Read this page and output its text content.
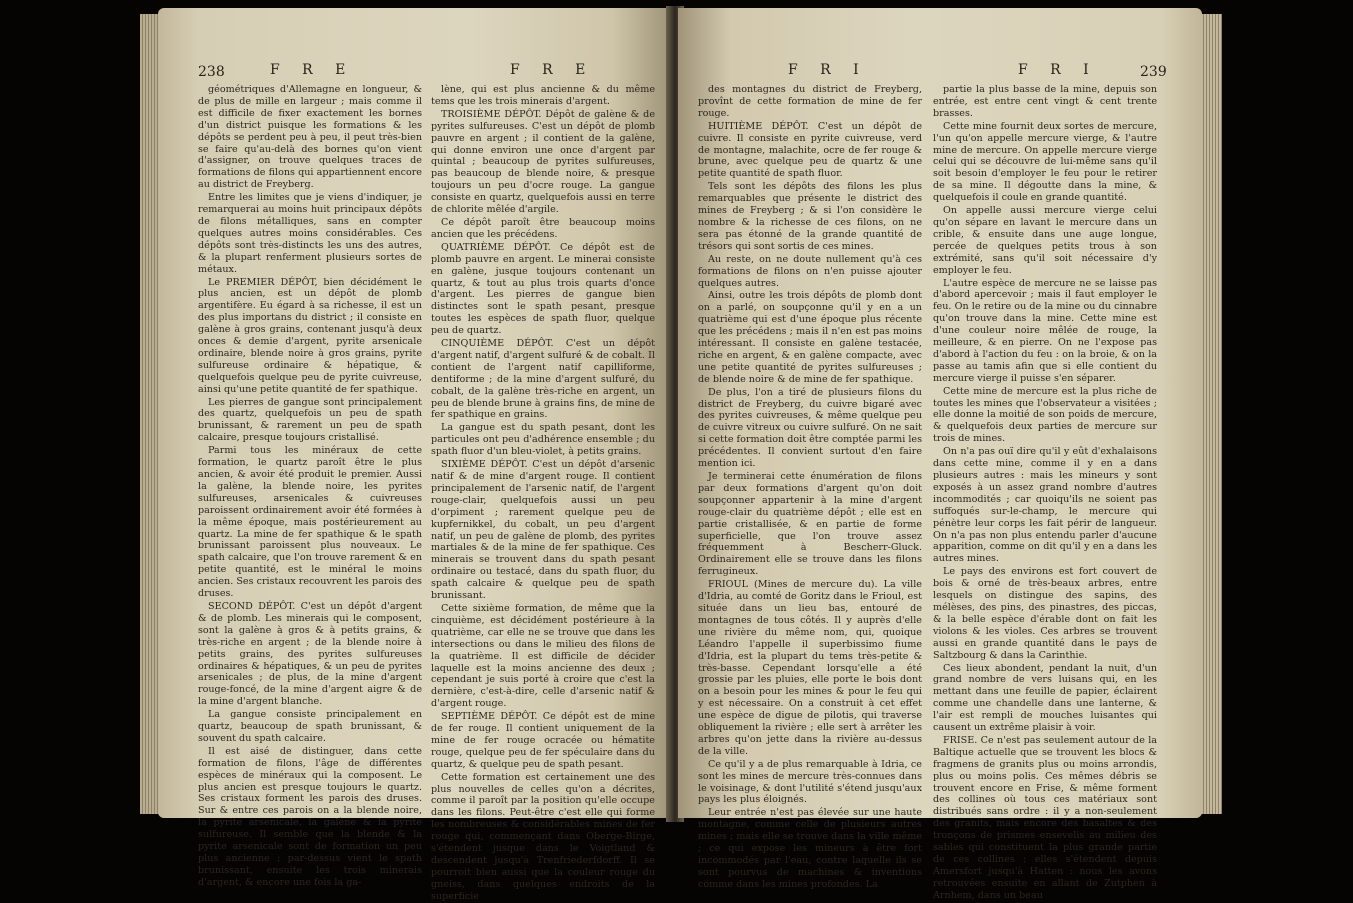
238	F R E	F R E

géométriques d'Allemagne en longueur, & de plus de mille en largeur ; mais comme il est difficile de fixer exactement les bornes d'un district puisque les formations & les dépôts se perdent peu à peu, il peut très-bien se faire qu'au-delà des bornes qu'on vient d'assigner, on trouve quelques traces de formations de filons qui appartiennent encore au district de Freyberg.

Entre les limites que je viens d'indiquer, je remarquerai au moins huit principaux dépôts de filons métalliques, sans en compter quelques autres moins considérables. Ces dépôts sont très-distincts les uns des autres, & la plupart renferment plusieurs sortes de métaux.

Le PREMIER DÉPÔT, bien décidément le plus ancien, est un dépôt de plomb argentifère. Eu égard à sa richesse, il est un des plus importans du district ; il consiste en galène à gros grains, contenant jusqu'à deux onces & demie d'argent, pyrite arsenicale ordinaire, blende noire à gros grains, pyrite sulfureuse ordinaire & hépatique, & quelquefois quelque peu de pyrite cuivreuse, ainsi qu'une petite quantité de fer spathique.

Les pierres de gangue sont principalement des quartz, quelquefois un peu de spath brunissant, & rarement un peu de spath calcaire, presque toujours cristallisé.

Parmi tous les minéraux de cette formation, le quartz paroît être le plus ancien, & avoir été produit le premier. Aussi la galène, la blende noire, les pyrites sulfureuses, arsenicales & cuivreuses paroissent ordinairement avoir été formées à la même époque, mais postérieurement au quartz. La mine de fer spathique & le spath brunissant paroissent plus nouveaux. Le spath calcaire, que l'on trouve rarement & en petite quantité, est le minéral le moins ancien. Ses cristaux recouvrent les parois des druses.

SECOND DÉPÔT. C'est un dépôt d'argent & de plomb. Les minerais qui le composent, sont la galène à gros & à petits grains, & très-riche en argent ; de la blende noire à petits grains, des pyrites sulfureuses ordinaires & hépatiques, & un peu de pyrites arsenicales ; de plus, de la mine d'argent rouge-foncé, de la mine d'argent aigre & de la mine d'argent blanche.

La gangue consiste principalement en quartz, beaucoup de spath brunissant, & souvent du spath calcaire.

Il est aisé de distinguer, dans cette formation de filons, l'âge de différentes espèces de minéraux qui la composent. Le plus ancien est presque toujours le quartz. Ses cristaux forment les parois des druses. Sur & entre ces parois on a la blende noire, la pyrite arsenicale, la galène & la pyrite sulfureuse. Il semble que la blende & la pyrite arsenicale sont de formation un peu plus ancienne ; par-dessus vient le spath brunissant, ensuite les trois minerais d'argent, & encore une fois la ga-

lène, qui est plus ancienne & du même tems que les trois minerais d'argent.

TROISIÈME DÉPÔT. Dépôt de galène & de pyrites sulfureuses. C'est un dépôt de plomb pauvre en argent ; il contient de la galène, qui donne environ une once d'argent par quintal ; beaucoup de pyrites sulfureuses, pas beaucoup de blende noire, & presque toujours un peu d'ocre rouge. La gangue consiste en quartz, quelquefois aussi en terre de chlorite mêlée d'argile.

Ce dépôt paroît être beaucoup moins ancien que les précédens.

QUATRIÈME DÉPÔT. Ce dépôt est de plomb pauvre en argent. Le minerai consiste en galène, jusque toujours contenant un quartz, & tout au plus trois quarts d'once d'argent. Les pierres de gangue bien distinctes sont le spath pesant, presque toutes les espèces de spath fluor, quelque peu de quartz.

CINQUIÈME DÉPÔT. C'est un dépôt d'argent natif, d'argent sulfuré & de cobalt. Il contient de l'argent natif capilliforme, dentiforme ; de la mine d'argent sulfuré, du cobalt, de la galène très-riche en argent, un peu de blende brune à grains fins, de mine de fer spathique en grains.

La gangue est du spath pesant, dont les particules ont peu d'adhérence ensemble ; du spath fluor d'un bleu-violet, à petits grains.

SIXIÈME DÉPÔT. C'est un dépôt d'arsenic natif & de mine d'argent rouge. Il contient principalement de l'arsenic natif, de l'argent rouge-clair, quelquefois aussi un peu d'orpiment ; rarement quelque peu de kupfernikkel, du cobalt, un peu d'argent natif, un peu de galène de plomb, des pyrites martiales & de la mine de fer spathique. Ces minerais se trouvent dans du spath pesant ordinaire ou testacé, dans du spath fluor, du spath calcaire & quelque peu de spath brunissant.

Cette sixième formation, de même que la cinquième, est décidément postérieure à la quatrième, car elle ne se trouve que dans les intersections ou dans le milieu des filons de la quatrième. Il est difficile de décider laquelle est la moins ancienne des deux ; cependant je suis porté à croire que c'est la dernière, c'est-à-dire, celle d'arsenic natif & d'argent rouge.

SEPTIÈME DÉPÔT. Ce dépôt est de mine de fer rouge. Il contient uniquement de la mine de fer rouge ocracée ou hématite rouge, quelque peu de fer spéculaire dans du quartz, & quelque peu de spath pesant.

Cette formation est certainement une des plus nouvelles de celles qu'on a décrites, comme il paroît par la position qu'elle occupe dans les filons. Peut-être c'est elle qui forme les nombreuses & considérables mines de fer rouge qui, commençant dans Oberge-Birge, s'étendent jusque dans le Voigtland & descendent jusqu'à Trenfriederfdorff. Il se pourroit bien aussi que la couleur rouge du gneiss, dans quelques endroits de la superficie

F R I	F R I	239

des montagnes du district de Freyberg, provînt de cette formation de mine de fer rouge.

HUITIÈME DÉPÔT. C'est un dépôt de cuivre. Il consiste en pyrite cuivreuse, verd de montagne, malachite, ocre de fer rouge & brune, avec quelque peu de quartz & une petite quantité de spath fluor.

Tels sont les dépôts des filons les plus remarquables que présente le district des mines de Freyberg ; & si l'on considère le nombre & la richesse de ces filons, on ne sera pas étonné de la grande quantité de trésors qui sont sortis de ces mines.

Au reste, on ne doute nullement qu'à ces formations de filons on n'en puisse ajouter quelques autres.

Ainsi, outre les trois dépôts de plomb dont on a parlé, on soupçonne qu'il y en a un quatrième qui est d'une époque plus récente que les précédens ; mais il n'en est pas moins intéressant. Il consiste en galène testacée, riche en argent, & en galène compacte, avec une petite quantité de pyrites sulfureuses ; de blende noire & de mine de fer spathique.

De plus, l'on a tiré de plusieurs filons du district de Freyberg, du cuivre bigaré avec des pyrites cuivreuses, & même quelque peu de cuivre vitreux ou cuivre sulfuré. On ne sait si cette formation doit être comptée parmi les précédentes. Il convient surtout d'en faire mention ici.

Je terminerai cette énumération de filons par deux formations d'argent qu'on doit soupçonner appartenir à la mine d'argent rouge-clair du quatrième dépôt ; elle est en partie cristallisée, & en partie de forme superficielle, que l'on trouve assez fréquemment à Bescherr-Gluck. Ordinairement elle se trouve dans les filons ferrugineux.

FRIOUL (Mines de mercure du). La ville d'Idria, au comté de Goritz dans le Frioul, est située dans un lieu bas, entouré de montagnes de tous côtés. Il y auprès d'elle une rivière du même nom, qui, quoique Léandro l'appelle il superbissimo fiume d'Idria, est la plupart du tems très-petite & très-basse. Cependant lorsqu'elle a été grossie par les pluies, elle porte le bois dont on a besoin pour les mines & pour le feu qui y est nécessaire. On a construit à cet effet une espèce de digue de pilotis, qui traverse obliquement la rivière ; elle sert à arrêter les arbres qu'on jette dans la rivière au-dessus de la ville.

Ce qu'il y a de plus remarquable à Idria, ce sont les mines de mercure très-connues dans le voisinage, & dont l'utilité s'étend jusqu'aux pays les plus éloignés.

Leur entrée n'est pas élevée sur une haute montagne, comme celle de plusieurs autres mines ; mais elle se trouve dans la ville même ; ce qui expose les mineurs à être fort incommodés par l'eau, contre laquelle ils se sont pourvus de machines & inventions comme dans les mines profondes. La

partie la plus basse de la mine, depuis son entrée, est entre cent vingt & cent trente brasses.

Cette mine fournit deux sortes de mercure, l'un qu'on appelle mercure vierge, & l'autre mine de mercure. On appelle mercure vierge celui qui se découvre de lui-même sans qu'il soit besoin d'employer le feu pour le retirer de sa mine. Il dégoutte dans la mine, & quelquefois il coule en grande quantité.

On appelle aussi mercure vierge celui qu'on sépare en lavant le mercure dans un crible, & ensuite dans une auge longue, percée de quelques petits trous à son extrémité, sans qu'il soit nécessaire d'y employer le feu.

L'autre espèce de mercure ne se laisse pas d'abord apercevoir ; mais il faut employer le feu. On le retire ou de la mine ou du cinnabre qu'on trouve dans la mine. Cette mine est d'une couleur noire mêlée de rouge, la meilleure, & en pierre. On ne l'expose pas d'abord à l'action du feu : on la broie, & on la passe au tamis afin que si elle contient du mercure vierge il puisse s'en séparer.

Cette mine de mercure est la plus riche de toutes les mines que l'observateur a visitées ; elle donne la moitié de son poids de mercure, & quelquefois deux parties de mercure sur trois de mines.

On n'a pas ouï dire qu'il y eût d'exhalaisons dans cette mine, comme il y en a dans plusieurs autres : mais les mineurs y sont exposés à un assez grand nombre d'autres incommodités ; car quoiqu'ils ne soient pas suffoqués sur-le-champ, le mercure qui pénètre leur corps les fait périr de langueur. On n'a pas non plus entendu parler d'aucune apparition, comme on dit qu'il y en a dans les autres mines.

Le pays des environs est fort couvert de bois & orné de très-beaux arbres, entre lesquels on distingue des sapins, des mélèses, des pins, des pinastres, des piccas, & la belle espèce d'érable dont on fait les violons & les violes. Ces arbres se trouvent aussi en grande quantité dans le pays de Saltzbourg & dans la Carinthie.

Ces lieux abondent, pendant la nuit, d'un grand nombre de vers luisans qui, en les mettant dans une feuille de papier, éclairent comme une chandelle dans une lanterne, & l'air est rempli de mouches luisantes qui causent un extrême plaisir à voir.

FRISE. Ce n'est pas seulement autour de la Baltique actuelle que se trouvent les blocs & fragmens de granits plus ou moins arrondis, plus ou moins polis. Ces mêmes débris se trouvent encore en Frise, & même forment des collines où tous ces matériaux sont distribués sans ordre : il y a non-seulement des granits, mais encore des basaltes & des tronçons de prismes ensevelis au milieu des sables qui constituent la plus grande partie de ces collines ; elles s'étendent depuis Amersfort jusqu'à Hatten : nous les avons retrouvées ensuite en allant de Zutphen à Arnhem, dans un beau
